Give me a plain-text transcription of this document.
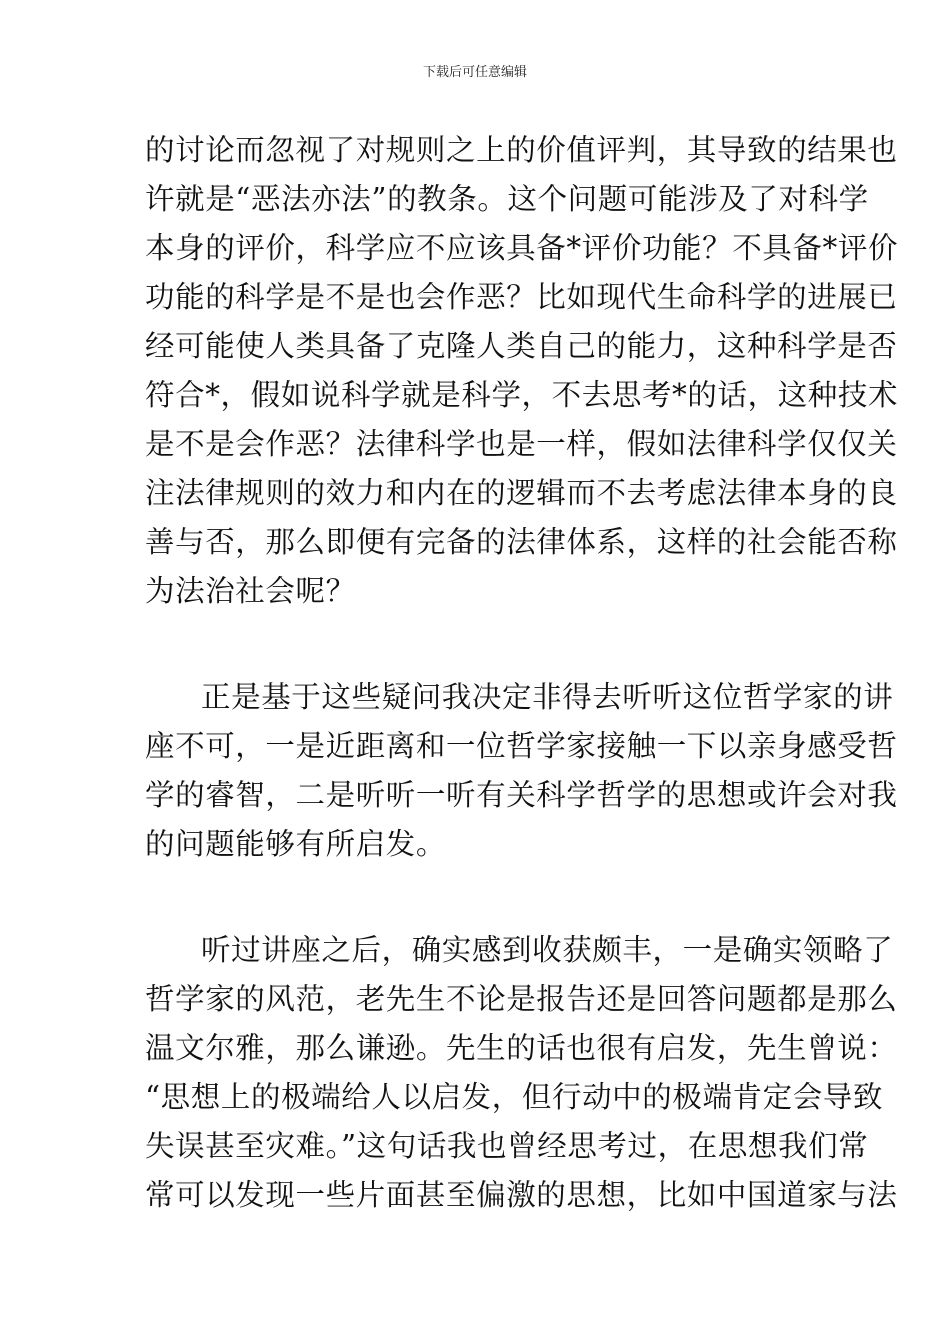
下载后可任意编辑
的讨论而忽视了对规则之上的价值评判，其导致的结果也
许就是“恶法亦法”的教条。这个问题可能涉及了对科学
本身的评价，科学应不应该具备*评价功能？不具备*评价
功能的科学是不是也会作恶？比如现代生命科学的进展已
经可能使人类具备了克隆人类自己的能力，这种科学是否
符合*，假如说科学就是科学，不去思考*的话，这种技术
是不是会作恶？法律科学也是一样，假如法律科学仅仅关
注法律规则的效力和内在的逻辑而不去考虑法律本身的良
善与否，那么即便有完备的法律体系，这样的社会能否称
为法治社会呢？
正是基于这些疑问我决定非得去听听这位哲学家的讲
座不可，一是近距离和一位哲学家接触一下以亲身感受哲
学的睿智，二是听听一听有关科学哲学的思想或许会对我
的问题能够有所启发。
听过讲座之后，确实感到收获颇丰，一是确实领略了
哲学家的风范，老先生不论是报告还是回答问题都是那么
温文尔雅，那么谦逊。先生的话也很有启发，先生曾说：
“思想上的极端给人以启发，但行动中的极端肯定会导致
失误甚至灾难。”这句话我也曾经思考过，在思想我们常
常可以发现一些片面甚至偏激的思想，比如中国道家与法
